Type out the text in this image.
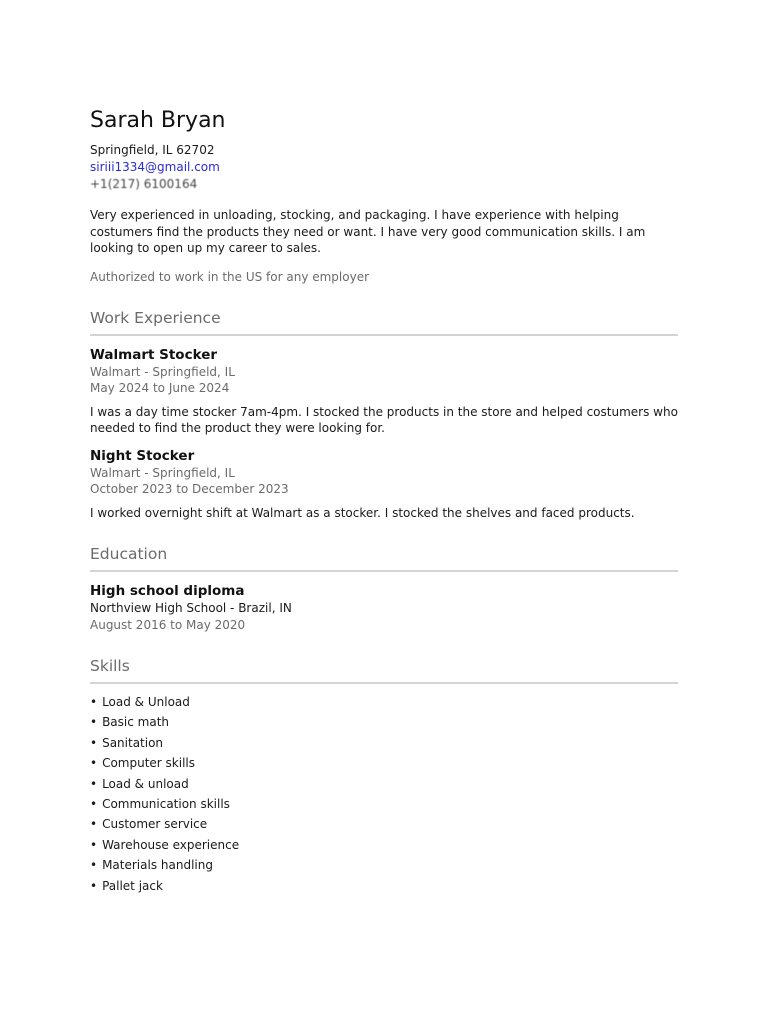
Sarah Bryan
Springfield, IL 62702
siriii1334@gmail.com
+1(217) 6100164
Very experienced in unloading, stocking, and packaging. I have experience with helping costumers find the products they need or want. I have very good communication skills. I am looking to open up my career to sales.
Authorized to work in the US for any employer
Work Experience
Walmart Stocker
Walmart - Springfield, IL
May 2024 to June 2024
I was a day time stocker 7am-4pm. I stocked the products in the store and helped costumers who needed to find the product they were looking for.
Night Stocker
Walmart - Springfield, IL
October 2023 to December 2023
I worked overnight shift at Walmart as a stocker. I stocked the shelves and faced products.
Education
High school diploma
Northview High School - Brazil, IN
August 2016 to May 2020
Skills
• Load & Unload
• Basic math
• Sanitation
• Computer skills
• Load & unload
• Communication skills
• Customer service
• Warehouse experience
• Materials handling
• Pallet jack
